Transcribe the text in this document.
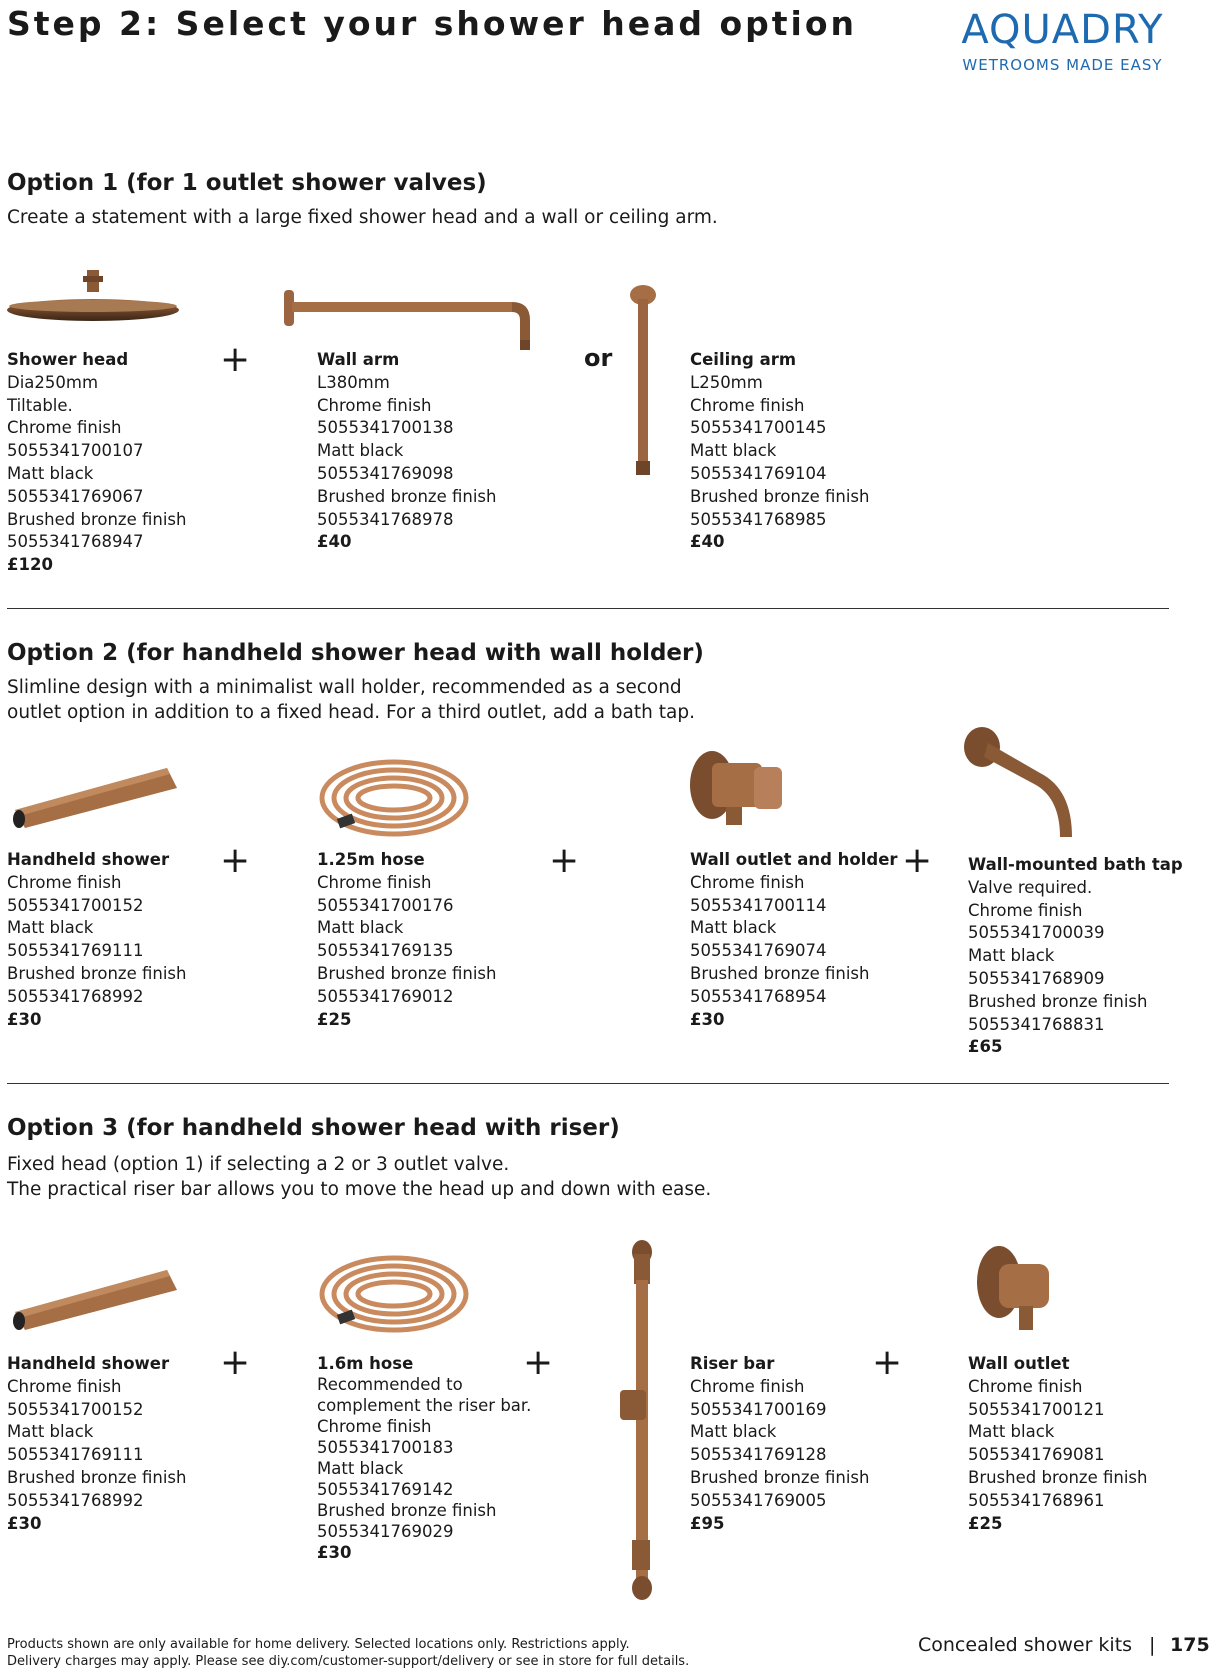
Step 2: Select your shower head option	AQUADRY
WETROOMS MADE EASY
Option 1 (for 1 outlet shower valves)
Create a statement with a large fixed shower head and a wall or ceiling arm.
+	or
Shower head
Dia250mm
Tiltable.
Chrome finish
5055341700107
Matt black
5055341769067
Brushed bronze finish
5055341768947
£120
Wall arm
L380mm
Chrome finish
5055341700138
Matt black
5055341769098
Brushed bronze finish
5055341768978
£40
Ceiling arm
L250mm
Chrome finish
5055341700145
Matt black
5055341769104
Brushed bronze finish
5055341768985
£40
Option 2 (for handheld shower head with wall holder)
Slimline design with a minimalist wall holder, recommended as a second
outlet option in addition to a fixed head. For a third outlet, add a bath tap.
+	+	+
Handheld shower
Chrome finish
5055341700152
Matt black
5055341769111
Brushed bronze finish
5055341768992
£30
1.25m hose
Chrome finish
5055341700176
Matt black
5055341769135
Brushed bronze finish
5055341769012
£25
Wall outlet and holder
Chrome finish
5055341700114
Matt black
5055341769074
Brushed bronze finish
5055341768954
£30
Wall-mounted bath tap
Valve required.
Chrome finish
5055341700039
Matt black
5055341768909
Brushed bronze finish
5055341768831
£65
Option 3 (for handheld shower head with riser)
Fixed head (option 1) if selecting a 2 or 3 outlet valve.
The practical riser bar allows you to move the head up and down with ease.
+	+	+
Handheld shower
Chrome finish
5055341700152
Matt black
5055341769111
Brushed bronze finish
5055341768992
£30
1.6m hose
Recommended to
complement the riser bar.
Chrome finish
5055341700183
Matt black
5055341769142
Brushed bronze finish
5055341769029
£30
Riser bar
Chrome finish
5055341700169
Matt black
5055341769128
Brushed bronze finish
5055341769005
£95
Wall outlet
Chrome finish
5055341700121
Matt black
5055341769081
Brushed bronze finish
5055341768961
£25
Products shown are only available for home delivery. Selected locations only. Restrictions apply.
Delivery charges may apply. Please see diy.com/customer-support/delivery or see in store for full details.
Concealed shower kits | 175
